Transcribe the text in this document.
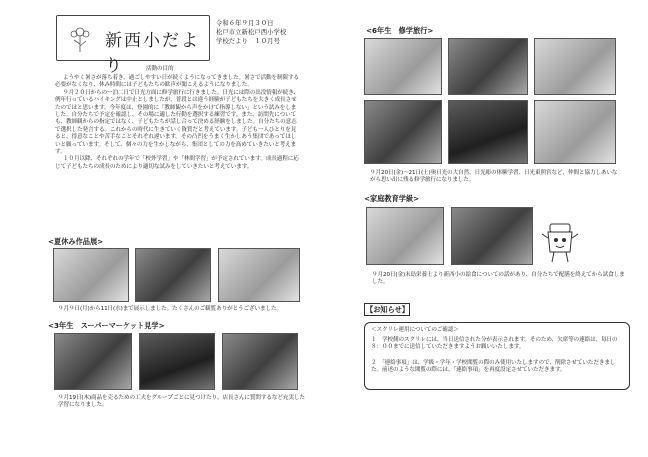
新西小だより
令和６年９月３０日
松戸市立新松戸西小学校
学校だより　１０月号
活動の目的
ようやく暑さが落ち着き、過ごしやすい日が続くようになってきました。暑さで活動を制限する必要がなくなり、休み時間には子どもたちの歓声が聞こえるようになりました。
９月２０日からの一泊二日で日光方面に修学旅行に行きました。日光には際の出没情報が続き、例年行っているハイキングは中止としましたが、普段とは違う経験が子どもたちを大きく成長させたのではと思います。今年度は、登園的に「教師観から声をかけて指導しない」という試みをしました。自分たちで予定を確認し、その場に適した行動を選択する練習です。また、訪問先についても、教師観からの指定ではなく、子どもたちが話し合って決める経験をしました。自分たちの意志で選択した発言する。これからの時代に生きていく資質だと考えています。子ども一人ひとりを見ると、得意なことや苦手なことそれぞれ違います。その凸凹をうまく生かしあう集団であってほしいと願っています。そして、個々の力を生かしながら、集団としての力を高めていきたいと考えます。
１０月以降、それぞれの学年で「校外学習」や「林間学習」が予定されています。成長過程に応じて子どもたちの成長のためにより適切な試みをしていきたいと考えています。
<夏休み作品展>
９月９日(月)から11日(水)まで展示しました。たくさんのご観覧ありがとうございました。
<3年生　スーパーマーケット見学>
９月19日(木)商品を売るための工夫をグループごとに見つけたり、店長さんに質問するなど充実した学習になりました。
<6年生　修学旅行>
９月20日(金)～21日(土)奥日光の大自然、日光彫の体験学習、日光東照宮など、仲間と協力しあいながら思い出に残る修学旅行になりました。
<家庭教育学級>
９月20日(金)末島栄養士より新西小の給食についての話があり、自分たちで配膳を終えてから試食しました。
【お知らせ】
＜スクリレ運用についてのご確認＞
１　学校側のスクリレには、当日送信された分が表示されます。そのため、欠席等の連絡は、毎日の８：００までに送信していただきますようお願いいたします。
２　「連絡事項」は、学級・学年・学校閲覧の際のみ使用いたしますので、削除させていただきました。前述のような閲覧の際には、「連絡事項」を再度設定させていただきます。
